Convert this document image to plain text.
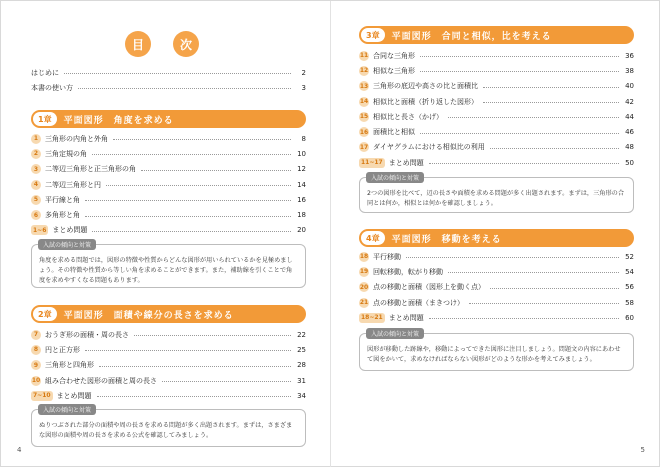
目	次
はじめに	2
本書の使い方	3
1章	平面図形　角度を求める
1 三角形の内角と外角	8
2 三角定規の角	10
3 二等辺三角形と正三角形の角	12
4 二等辺三角形と円	14
5 平行線と角	16
6 多角形と角	18
1~6 まとめ問題	20
入試の傾向と対策
角度を求める問題では，図形の特徴や性質からどんな図形が用いられているかを見極めましょう。その特徴や性質から等しい角を求めることができます。また，補助線を引くことで角度を求めやすくなる問題もあります。
2章	平面図形　面積や線分の長さを求める
7 おうぎ形の面積・周の長さ	22
8 円と正方形	25
9 三角形と四角形	28
10 組み合わせた図形の面積と周の長さ	31
7~10 まとめ問題	34
入試の傾向と対策
ぬりつぶされた部分の面積や周の長さを求める問題が多く出題されます。まずは，さまざまな図形の面積や周の長さを求める公式を確認してみましょう。
4
3章	平面図形　合同と相似，比を考える
11 合同な三角形	36
12 相似な三角形	38
13 三角形の底辺や高さの比と面積比	40
14 相似比と面積（折り返した図形）	42
15 相似比と長さ（かげ）	44
16 面積比と相似	46
17 ダイヤグラムにおける相似比の利用	48
11~17 まとめ問題	50
入試の傾向と対策
2つの図形を比べて，辺の長さや面積を求める問題が多く出題されます。まずは，三角形の合同とは何か，相似とは何かを確認しましょう。
4章	平面図形　移動を考える
18 平行移動	52
19 回転移動，転がり移動	54
20 点の移動と面積（図形上を動く点）	56
21 点の移動と面積（まきつけ）	58
18~21 まとめ問題	60
入試の傾向と対策
図形が移動した跡線や，移動によってできた図形に注目しましょう。問題文の内容にあわせて図をかいて，求めなければならない図形がどのような形かを考えてみましょう。
5
